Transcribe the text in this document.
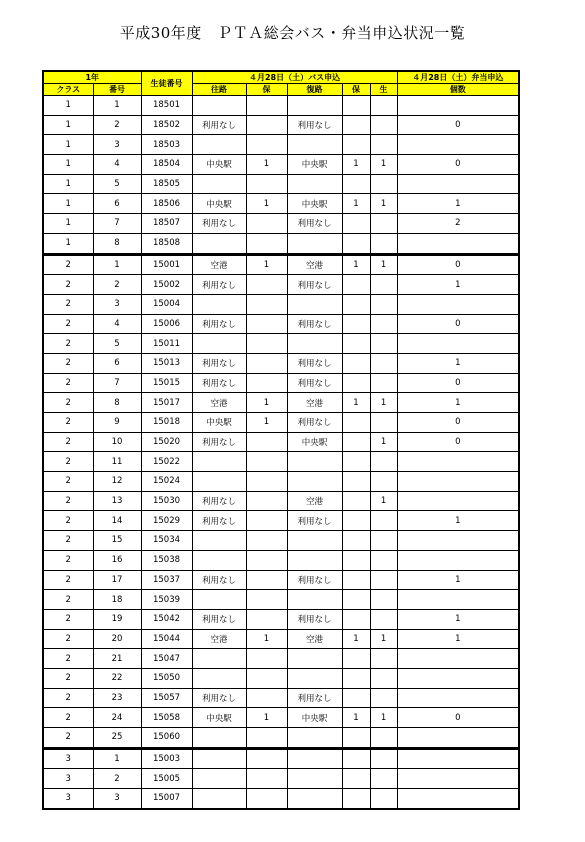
平成30年度　ＰＴＡ総会バス・弁当申込状況一覧
1年		生徒番号	４月28日（土）バス申込					４月28日（土）弁当申込
クラス	番号		往路	保	復路	保	生	個数
1	1	18501						
1	2	18502	利用なし		利用なし			0
1	3	18503						
1	4	18504	中央駅	1	中央駅	1	1	0
1	5	18505						
1	6	18506	中央駅	1	中央駅	1	1	1
1	7	18507	利用なし		利用なし			2
1	8	18508						
2	1	15001	空港	1	空港	1	1	0
2	2	15002	利用なし		利用なし			1
2	3	15004						
2	4	15006	利用なし		利用なし			0
2	5	15011						
2	6	15013	利用なし		利用なし			1
2	7	15015	利用なし		利用なし			0
2	8	15017	空港	1	空港	1	1	1
2	9	15018	中央駅	1	利用なし			0
2	10	15020	利用なし		中央駅		1	0
2	11	15022						
2	12	15024						
2	13	15030	利用なし		空港		1	
2	14	15029	利用なし		利用なし			1
2	15	15034						
2	16	15038						
2	17	15037	利用なし		利用なし			1
2	18	15039						
2	19	15042	利用なし		利用なし			1
2	20	15044	空港	1	空港	1	1	1
2	21	15047						
2	22	15050						
2	23	15057	利用なし		利用なし			
2	24	15058	中央駅	1	中央駅	1	1	0
2	25	15060						
3	1	15003						
3	2	15005						
3	3	15007						
